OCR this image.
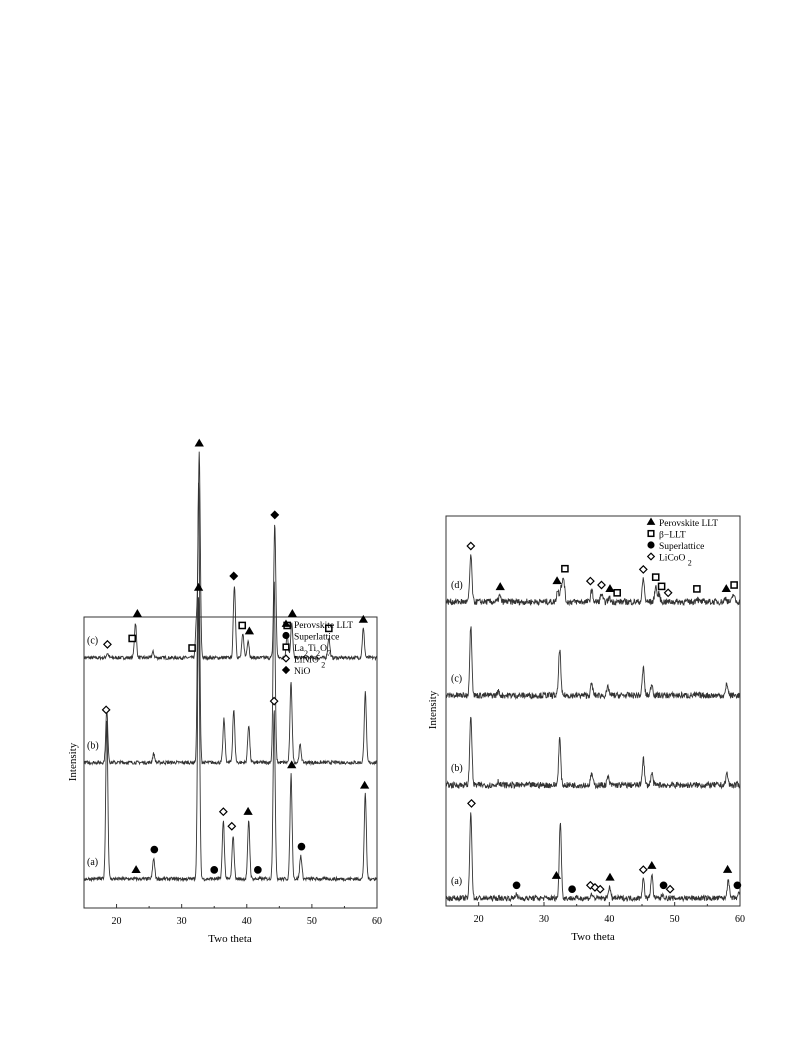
(c)
(b)
(a)
20	30	40	50	60
Perovskite LLT
Superlattice
$La_2Ti_2O_7$
LiNiO $_2$
NiO
Two theta
Intensity
(d)
(c)
(b)
(a)
20	30	40	50	60
Perovskite LLT
β−LLT
Superlattice
LiCoO $_2$
Two theta
Intensity
